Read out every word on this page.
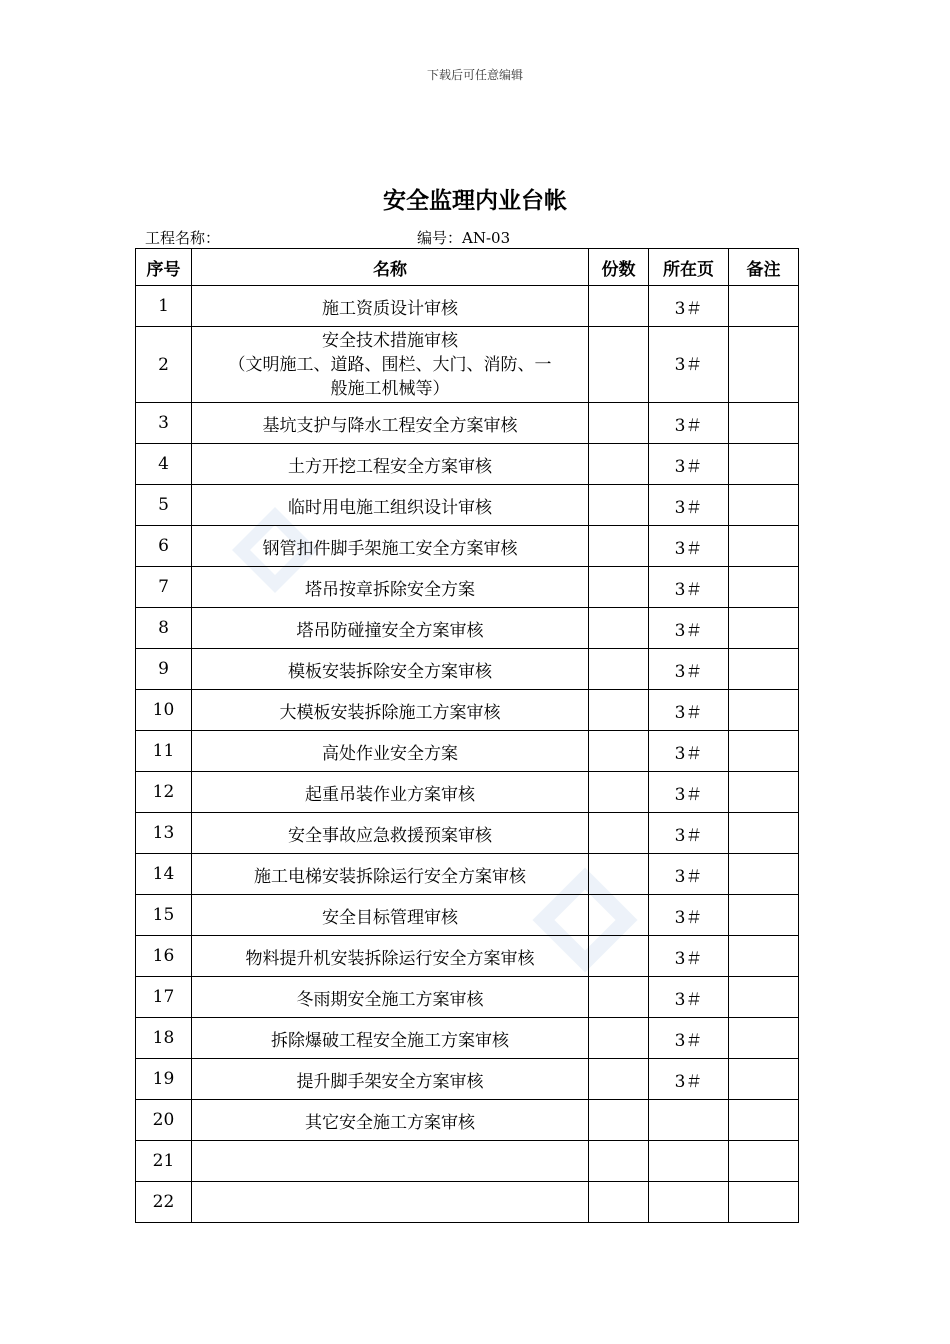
下载后可任意编辑
安全监理内业台帐
工程名称：	编号：AN-03
序号	名称	份数	所在页	备注
1	施工资质设计审核		3＃	
2	安全技术措施审核
（文明施工、道路、围栏、大门、消防、一
般施工机械等）		3＃	
3	基坑支护与降水工程安全方案审核		3＃	
4	土方开挖工程安全方案审核		3＃	
5	临时用电施工组织设计审核		3＃	
6	钢管扣件脚手架施工安全方案审核		3＃	
7	塔吊按章拆除安全方案		3＃	
8	塔吊防碰撞安全方案审核		3＃	
9	模板安装拆除安全方案审核		3＃	
10	大模板安装拆除施工方案审核		3＃	
11	高处作业安全方案		3＃	
12	起重吊装作业方案审核		3＃	
13	安全事故应急救援预案审核		3＃	
14	施工电梯安装拆除运行安全方案审核		3＃	
15	安全目标管理审核		3＃	
16	物料提升机安装拆除运行安全方案审核		3＃	
17	冬雨期安全施工方案审核		3＃	
18	拆除爆破工程安全施工方案审核		3＃	
19	提升脚手架安全方案审核		3＃	
20	其它安全施工方案审核			

21	

22	
